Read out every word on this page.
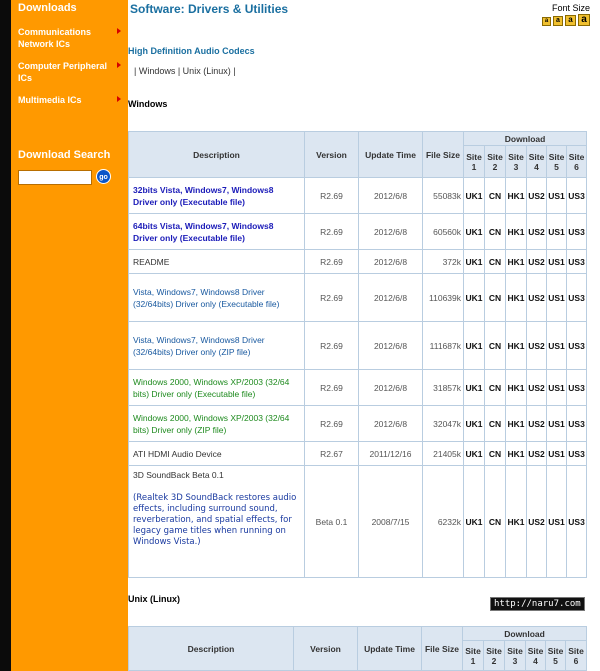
Downloads
Communications Network ICs
Computer Peripheral ICs
Multimedia ICs
Download Search
go
Software: Drivers & Utilities	Font Size
a	a	a a
High Definition Audio Codecs
| Windows | Unix (Linux) |
Windows
Description	Version	Update Time	File Size	Download					
				Site 1	Site 2	Site 3	Site 4	Site 5	Site 6
32bits Vista, Windows7, Windows8 Driver only (Executable file)	R2.69	2012/6/8	55083k	UK1	CN	HK1	US2	US1	US3
64bits Vista, Windows7, Windows8 Driver only (Executable file)	R2.69	2012/6/8	60560k	UK1	CN	HK1	US2	US1	US3
README	R2.69	2012/6/8	372k	UK1	CN	HK1	US2	US1	US3
Vista, Windows7, Windows8 Driver (32/64bits) Driver only (Executable file)	R2.69	2012/6/8	110639k	UK1	CN	HK1	US2	US1	US3
Vista, Windows7, Windows8 Driver (32/64bits) Driver only (ZIP file)	R2.69	2012/6/8	111687k	UK1	CN	HK1	US2	US1	US3
Windows 2000, Windows XP/2003 (32/64 bits) Driver only (Executable file)	R2.69	2012/6/8	31857k	UK1	CN	HK1	US2	US1	US3
Windows 2000, Windows XP/2003 (32/64 bits) Driver only (ZIP file)	R2.69	2012/6/8	32047k	UK1	CN	HK1	US2	US1	US3
ATI HDMI Audio Device	R2.67	2011/12/16	21405k	UK1	CN	HK1	US2	US1	US3
3D SoundBack Beta 0.1
(Realtek 3D SoundBack restores audio effects, including surround sound, reverberation, and spatial effects, for legacy game titles when running on Windows Vista.)	Beta 0.1	2008/7/15	6232k	UK1	CN	HK1	US2	US1	US3
Unix (Linux)
Description	Version	Update Time	File Size	Download					
				Site 1	Site 2	Site 3	Site 4	Site 5	Site 6
http://naru7.com
